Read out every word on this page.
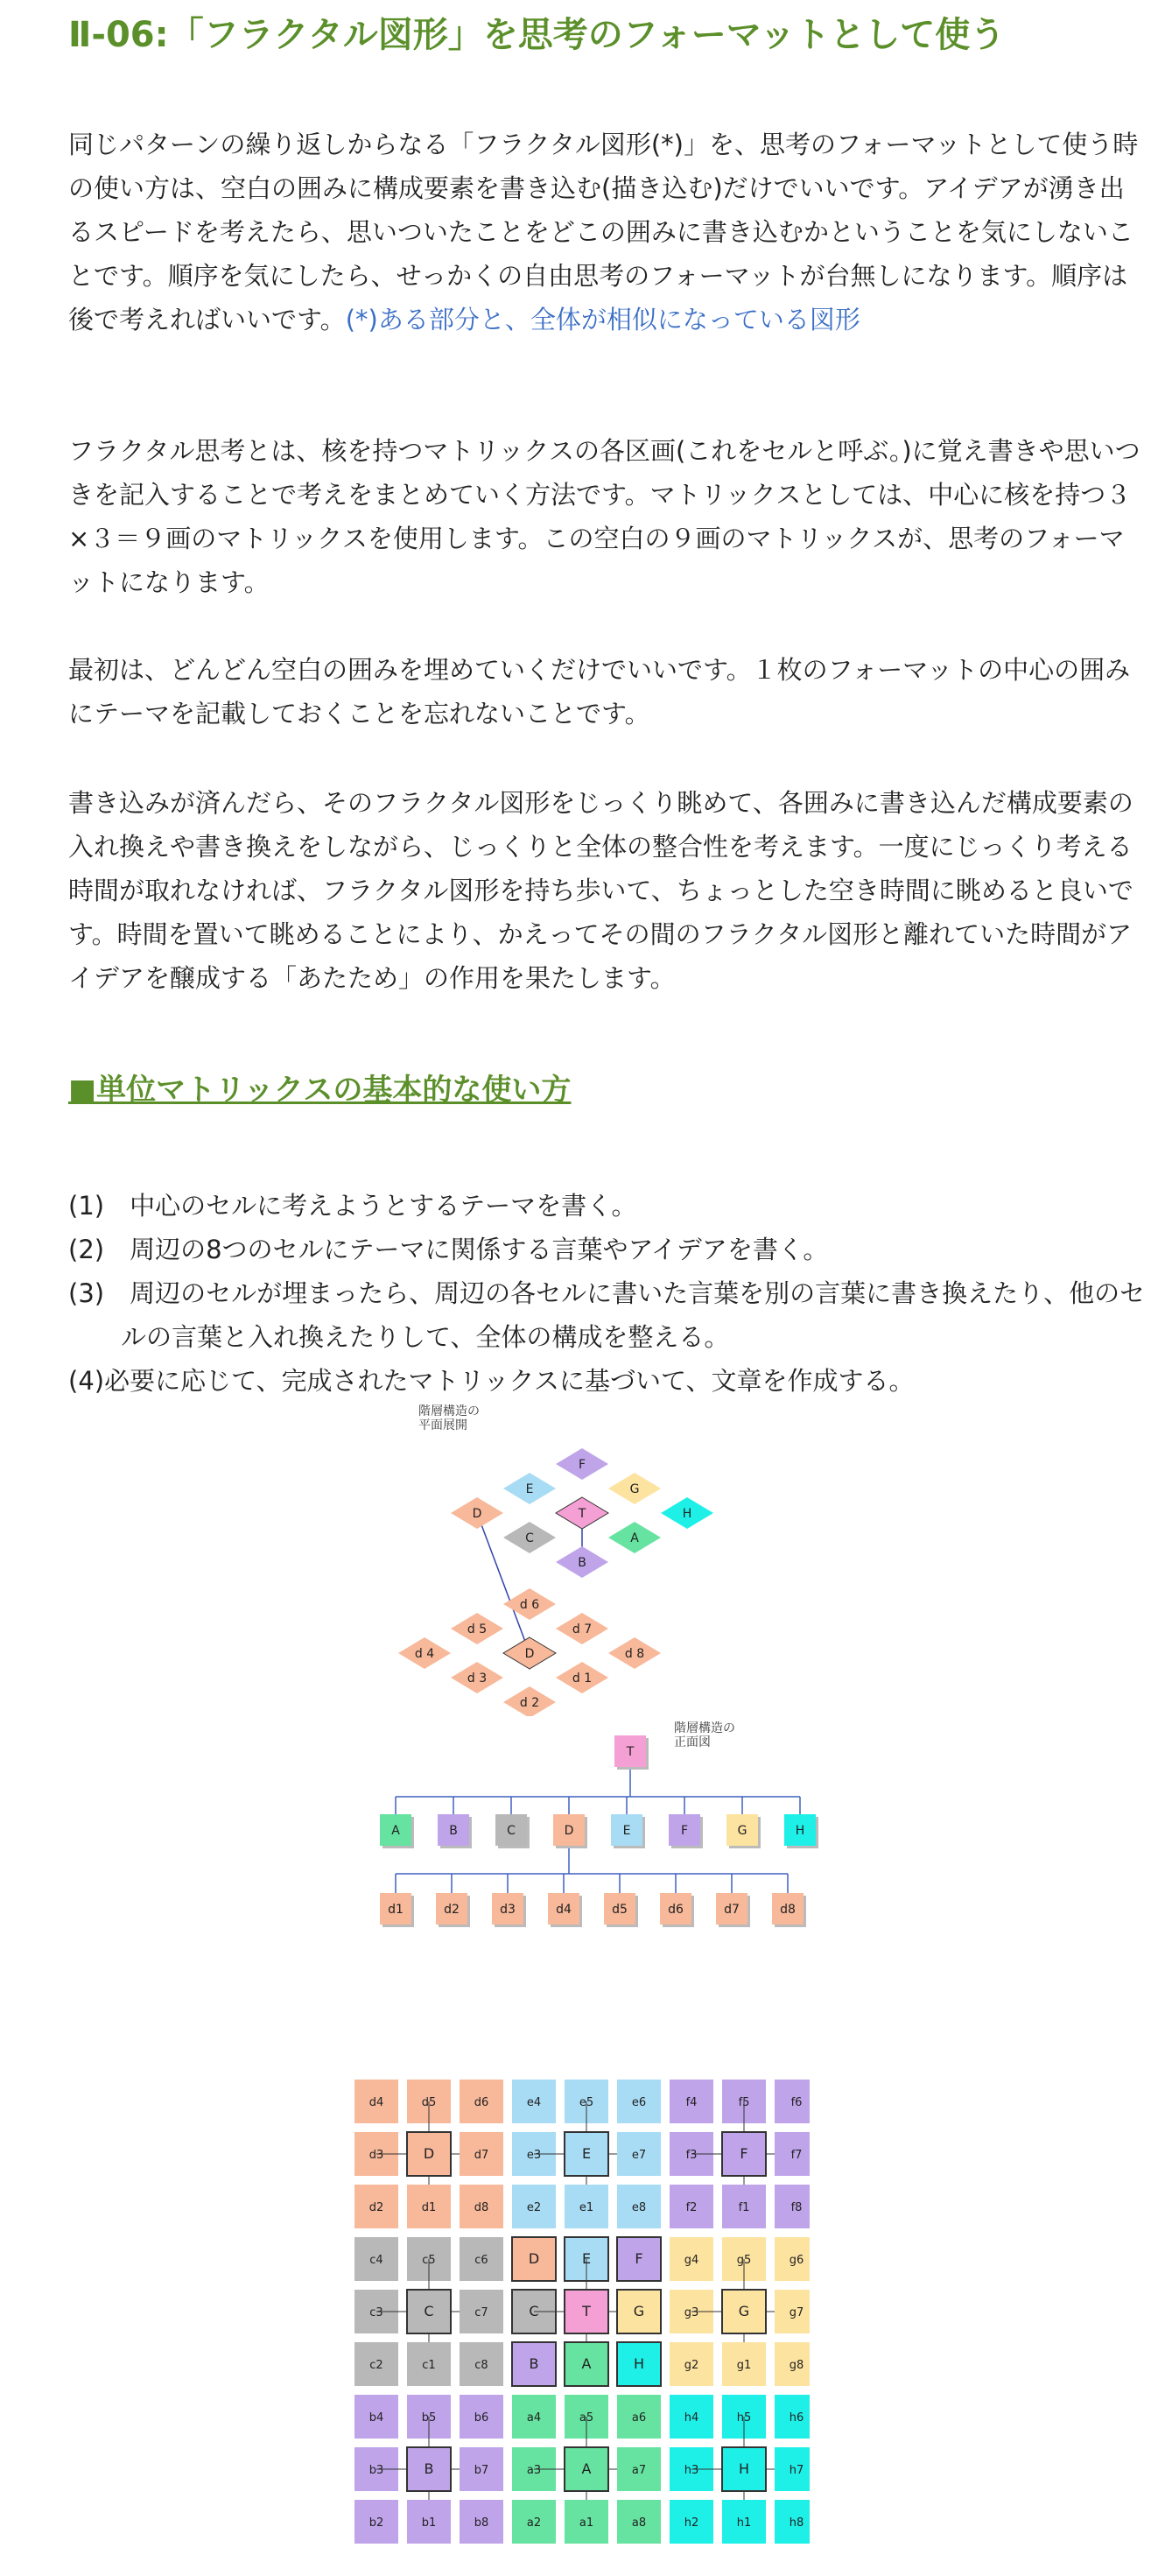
Ⅱ-06:「フラクタル図形」を思考のフォーマットとして使う

同じパターンの繰り返しからなる「フラクタル図形(*)」を、思考のフォーマットとして使う時の使い方は、空白の囲みに構成要素を書き込む(描き込む)だけでいいです。アイデアが湧き出るスピードを考えたら、思いついたことをどこの囲みに書き込むかということを気にしないことです。順序を気にしたら、せっかくの自由思考のフォーマットが台無しになります。順序は後で考えればいいです。(*)ある部分と、全体が相似になっている図形

フラクタル思考とは、核を持つマトリックスの各区画(これをセルと呼ぶ。)に覚え書きや思いつきを記入することで考えをまとめていく方法です。マトリックスとしては、中心に核を持つ３×３＝９画のマトリックスを使用します。この空白の９画のマトリックスが、思考のフォーマットになります。

最初は、どんどん空白の囲みを埋めていくだけでいいです。１枚のフォーマットの中心の囲みにテーマを記載しておくことを忘れないことです。

書き込みが済んだら、そのフラクタル図形をじっくり眺めて、各囲みに書き込んだ構成要素の入れ換えや書き換えをしながら、じっくりと全体の整合性を考えます。一度にじっくり考える時間が取れなければ、フラクタル図形を持ち歩いて、ちょっとした空き時間に眺めると良いです。時間を置いて眺めることにより、かえってその間のフラクタル図形と離れていた時間がアイデアを醸成する「あたため」の作用を果たします。

■単位マトリックスの基本的な使い方
(1)　中心のセルに考えようとするテーマを書く。
(2)　周辺の8つのセルにテーマに関係する言葉やアイデアを書く。
(3)　周辺のセルが埋まったら、周辺の各セルに書いた言葉を別の言葉に書き換えたり、他のセルの言葉と入れ換えたりして、全体の構成を整える。
(4)必要に応じて、完成されたマトリックスに基づいて、文章を作成する。
階層構造の
平面展開
F
E	G
D	T	H
C	A
B
d 6
d 5	d 7
d 4	D	d 8
d 3	d 1
d 2
階層構造の
正面図
T
A	B	C	D	E	F	G	H
d1	d2	d3	d4	d5	d6	d7	d8
d4	d5	d6	e4	e5	e6	f4	f5	f6
d3	D	d7	e3	E	e7	f3	F	f7
d2	d1	d8	e2	e1	e8	f2	f1	f8
c4	c5	c6	D	E	F	g4	g5	g6
c3	C	c7	C	T	G	g3	G	g7
c2	c1	c8	B	A	H	g2	g1	g8
b4	b5	b6	a4	a5	a6	h4	h5	h6
b3	B	b7	a3	A	a7	h3	H	h7
b2	b1	b8	a2	a1	a8	h2	h1	h8
